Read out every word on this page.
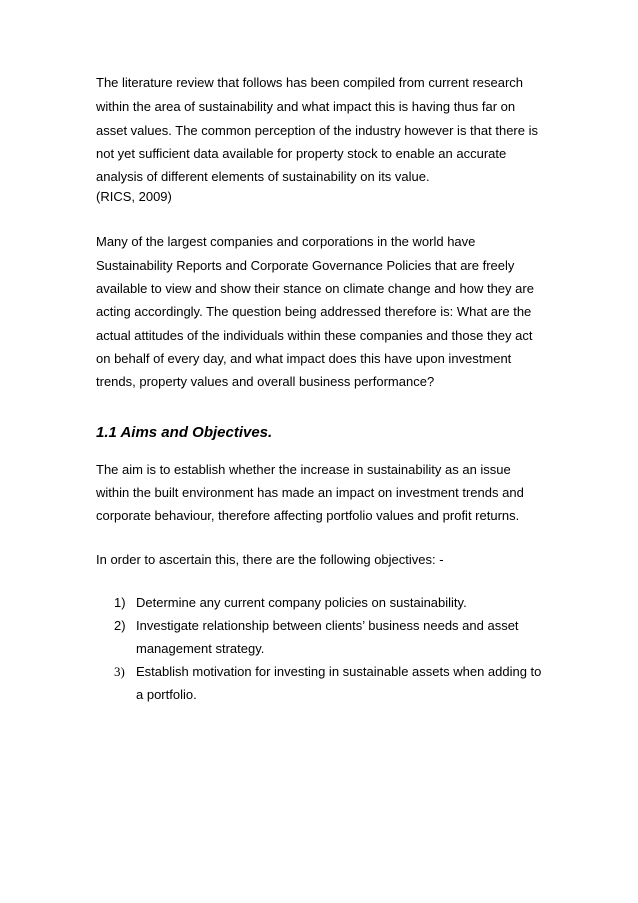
The literature review that follows has been compiled from current research
within the area of sustainability and what impact this is having thus far on
asset values. The common perception of the industry however is that there is
not yet sufficient data available for property stock to enable an accurate
analysis of different elements of sustainability on its value.
(RICS, 2009)
Many of the largest companies and corporations in the world have
Sustainability Reports and Corporate Governance Policies that are freely
available to view and show their stance on climate change and how they are
acting accordingly. The question being addressed therefore is: What are the
actual attitudes of the individuals within these companies and those they act
on behalf of every day, and what impact does this have upon investment
trends, property values and overall business performance?
1.1 Aims and Objectives.
The aim is to establish whether the increase in sustainability as an issue
within the built environment has made an impact on investment trends and
corporate behaviour, therefore affecting portfolio values and profit returns.
In order to ascertain this, there are the following objectives: -
1) Determine any current company policies on sustainability.
2) Investigate relationship between clients’ business needs and asset
management strategy.
3) Establish motivation for investing in sustainable assets when adding to
a portfolio.
